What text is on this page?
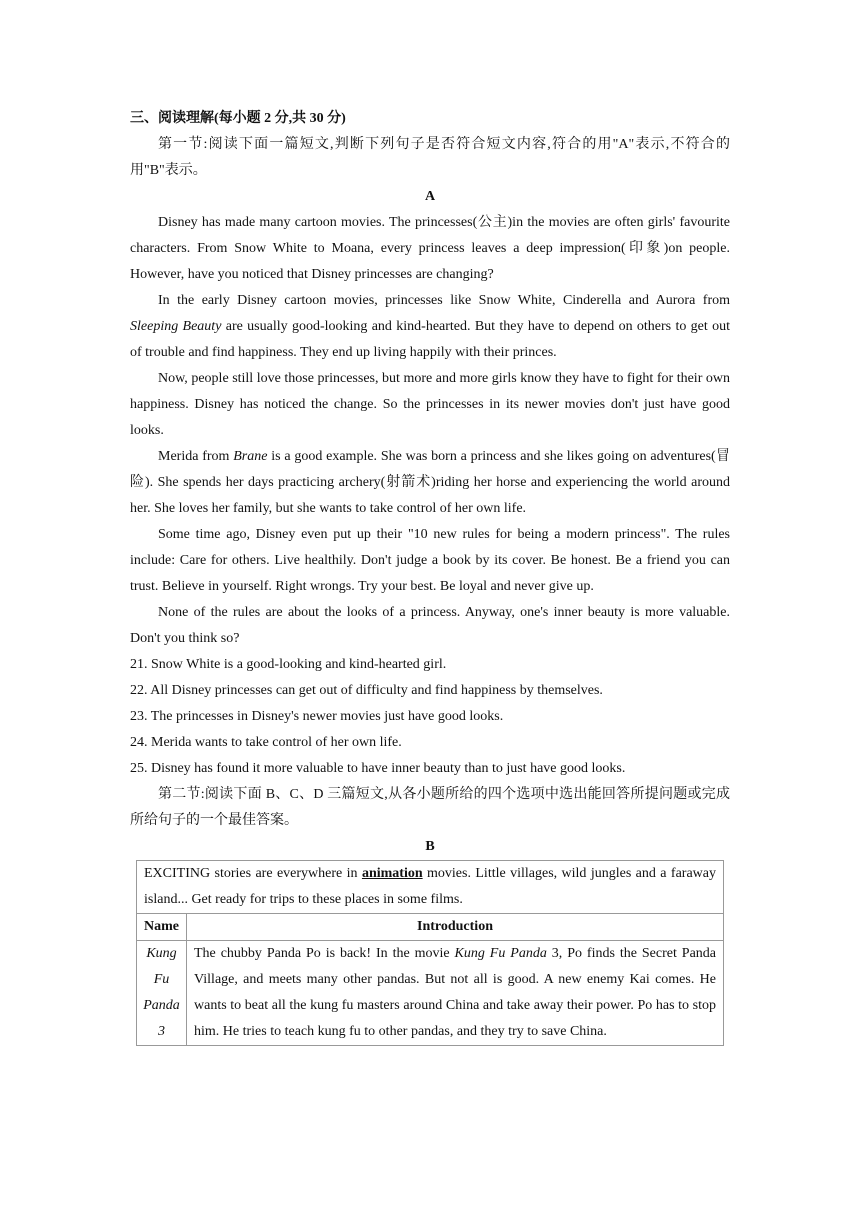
三、阅读理解(每小题 2 分,共 30 分)

第一节:阅读下面一篇短文,判断下列句子是否符合短文内容,符合的用"A"表示,不符合的用"B"表示。

A

Disney has made many cartoon movies. The princesses(公主)in the movies are often girls' favourite characters. From Snow White to Moana, every princess leaves a deep impression(印象)on people. However, have you noticed that Disney princesses are changing?

In the early Disney cartoon movies, princesses like Snow White, Cinderella and Aurora from Sleeping Beauty are usually good-looking and kind-hearted. But they have to depend on others to get out of trouble and find happiness. They end up living happily with their princes.

Now, people still love those princesses, but more and more girls know they have to fight for their own happiness. Disney has noticed the change. So the princesses in its newer movies don't just have good looks.

Merida from Brane is a good example. She was born a princess and she likes going on adventures(冒险). She spends her days practicing archery(射箭术)riding her horse and experiencing the world around her. She loves her family, but she wants to take control of her own life.

Some time ago, Disney even put up their "10 new rules for being a modern princess". The rules include: Care for others. Live healthily. Don't judge a book by its cover. Be honest. Be a friend you can trust. Believe in yourself. Right wrongs. Try your best. Be loyal and never give up.

None of the rules are about the looks of a princess. Anyway, one's inner beauty is more valuable. Don't you think so?

21. Snow White is a good-looking and kind-hearted girl.

22. All Disney princesses can get out of difficulty and find happiness by themselves.

23. The princesses in Disney's newer movies just have good looks.

24. Merida wants to take control of her own life.

25. Disney has found it more valuable to have inner beauty than to just have good looks.

第二节:阅读下面 B、C、D 三篇短文,从各小题所给的四个选项中选出能回答所提问题或完成所给句子的一个最佳答案。

B
EXCITING stories are everywhere in animation movies. Little villages, wild jungles and a faraway island... Get ready for trips to these places in some films.	
Name	Introduction
Kung Fu Panda 3	The chubby Panda Po is back! In the movie Kung Fu Panda 3, Po finds the Secret Panda Village, and meets many other pandas. But not all is good. A new enemy Kai comes. He wants to beat all the kung fu masters around China and take away their power. Po has to stop him. He tries to teach kung fu to other pandas, and they try to save China.
